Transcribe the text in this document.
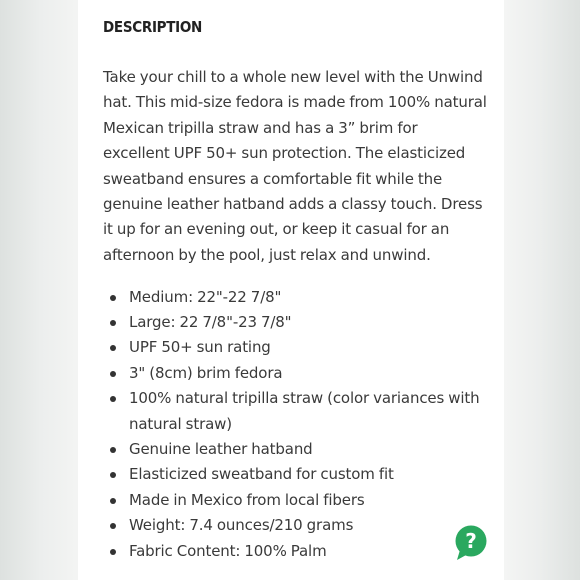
DESCRIPTION

Take your chill to a whole new level with the Unwind hat. This mid-size fedora is made from 100% natural Mexican tripilla straw and has a 3” brim for excellent UPF 50+ sun protection. The elasticized sweatband ensures a comfortable fit while the genuine leather hatband adds a classy touch. Dress it up for an evening out, or keep it casual for an afternoon by the pool, just relax and unwind.

Medium: 22"-22 7/8"
Large: 22 7/8"-23 7/8"
UPF 50+ sun rating
3" (8cm) brim fedora
100% natural tripilla straw (color variances with natural straw)
Genuine leather hatband
Elasticized sweatband for custom fit
Made in Mexico from local fibers
Weight: 7.4 ounces/210 grams
Fabric Content: 100% Palm	?
